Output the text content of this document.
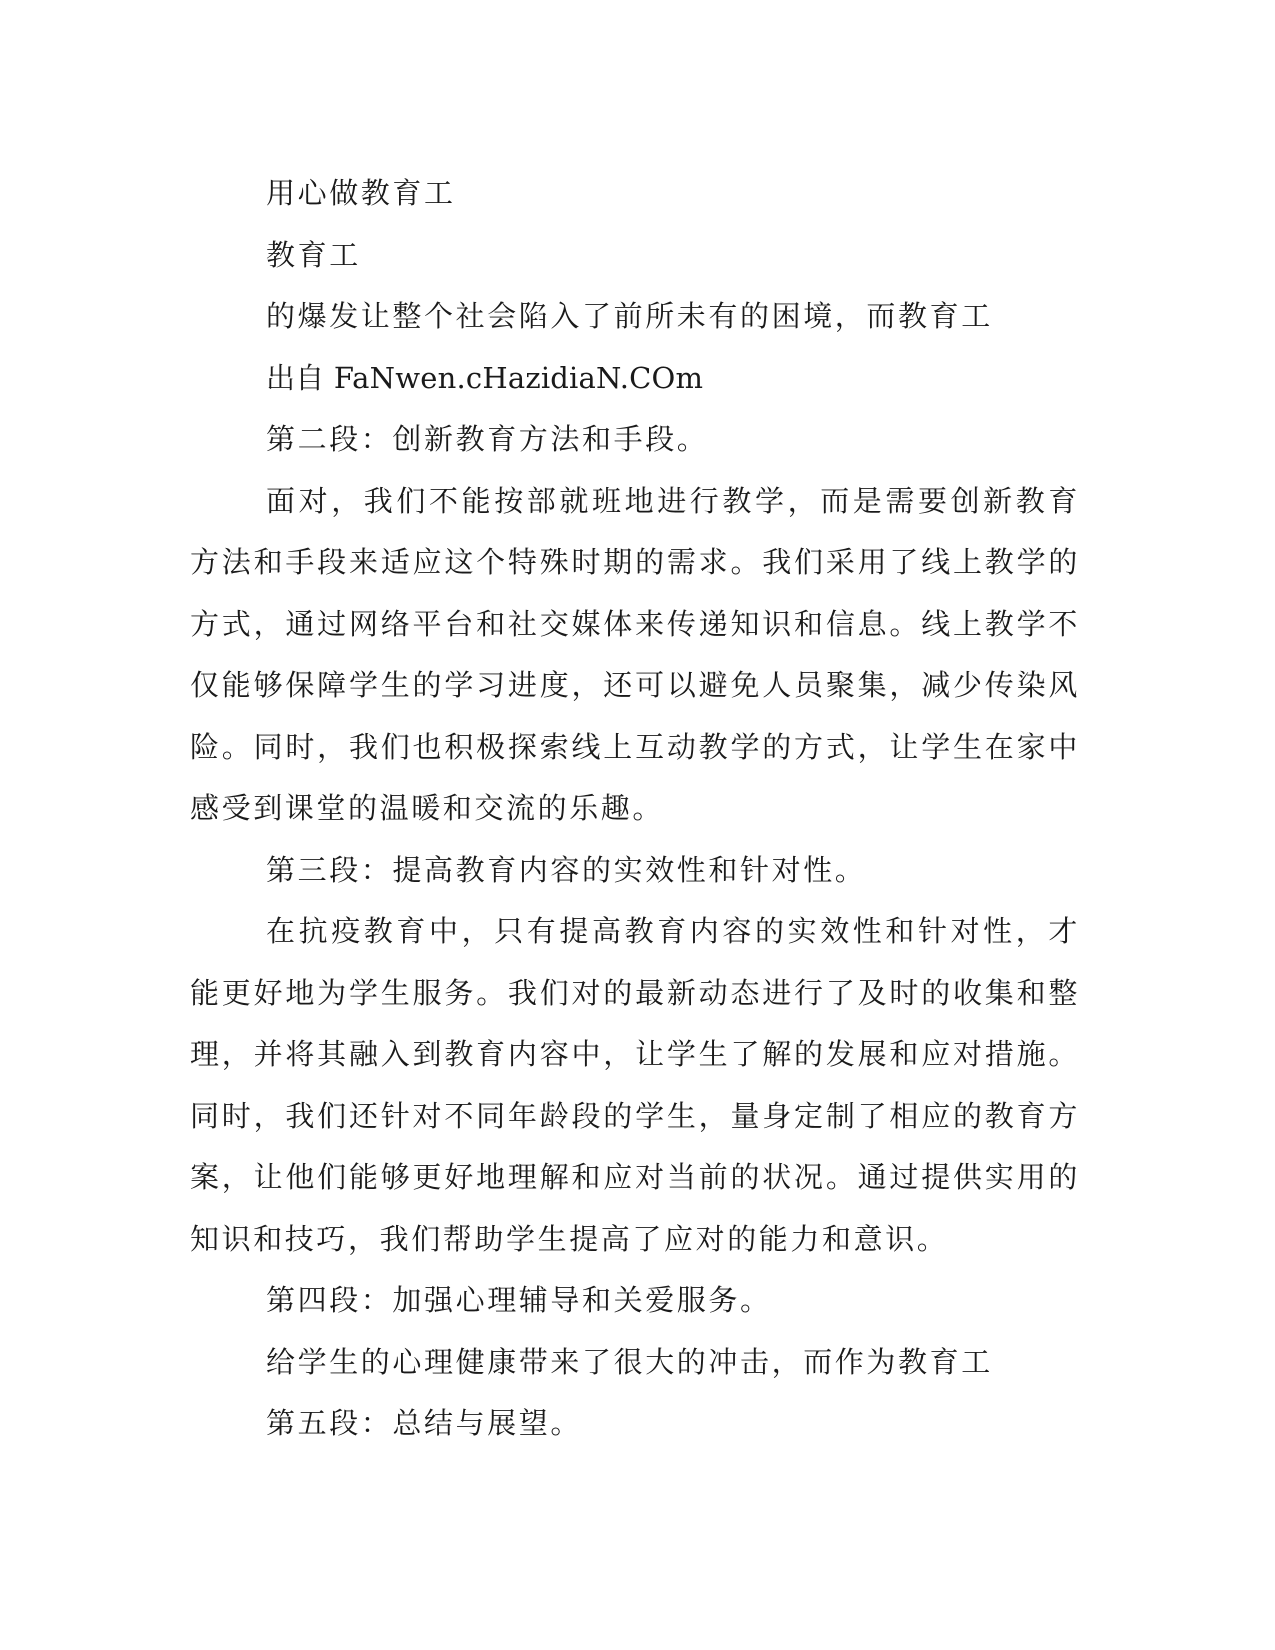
用心做教育工

教育工

的爆发让整个社会陷入了前所未有的困境，而教育工

出自 FaNwen.cHazidiaN.COm

第二段：创新教育方法和手段。

面对，我们不能按部就班地进行教学，而是需要创新教育方法和手段来适应这个特殊时期的需求。我们采用了线上教学的方式，通过网络平台和社交媒体来传递知识和信息。线上教学不仅能够保障学生的学习进度，还可以避免人员聚集，减少传染风险。同时，我们也积极探索线上互动教学的方式，让学生在家中感受到课堂的温暖和交流的乐趣。

第三段：提高教育内容的实效性和针对性。

在抗疫教育中，只有提高教育内容的实效性和针对性，才能更好地为学生服务。我们对的最新动态进行了及时的收集和整理，并将其融入到教育内容中，让学生了解的发展和应对措施。同时，我们还针对不同年龄段的学生，量身定制了相应的教育方案，让他们能够更好地理解和应对当前的状况。通过提供实用的知识和技巧，我们帮助学生提高了应对的能力和意识。

第四段：加强心理辅导和关爱服务。

给学生的心理健康带来了很大的冲击，而作为教育工

第五段：总结与展望。
